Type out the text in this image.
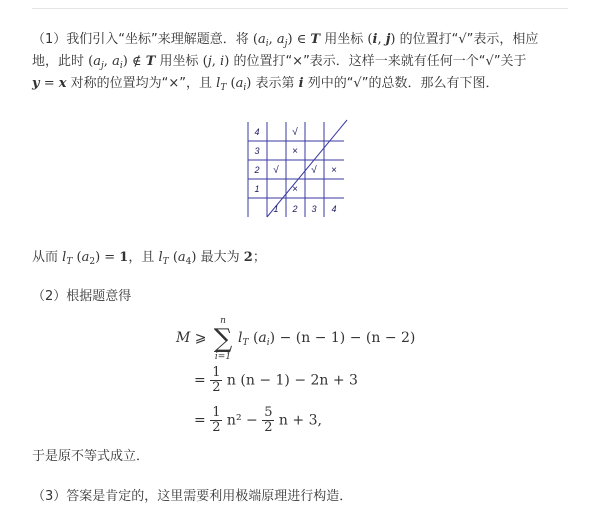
（1）我们引入“坐标”来理解题意．将 ($a_i$, $a_j$) ∈ T 用坐标 (i, j) 的位置打“√”表示，相应
地，此时 ($a_j$, $a_i$) ∉ T 用坐标 (j, i) 的位置打“×”表示．这样一来就有任何一个“√”关于
y = x 对称的位置均为“×”，且 $l_T$ $(a_i)$ 表示第 i 列中的“√”的总数．那么有下图．
4
3
2
1
1 2 3 4
√
×
√	√ ×
×
从而 $l_T$ $(a_2) = 1$，且 $l_T$ $(a_4)$ 最大为 2；
（2）根据题意得
M ⩾
n
∑
i=1
$l_T$ $(a_i) - (n - 1) - (n - 2)$
= $\frac{1}{2}$ n (n − 1) − 2n + 3
= $\frac{1}{2} n^2 - \frac{5}{2}$ n + 3,
于是原不等式成立．
（3）答案是肯定的，这里需要利用极端原理进行构造．
